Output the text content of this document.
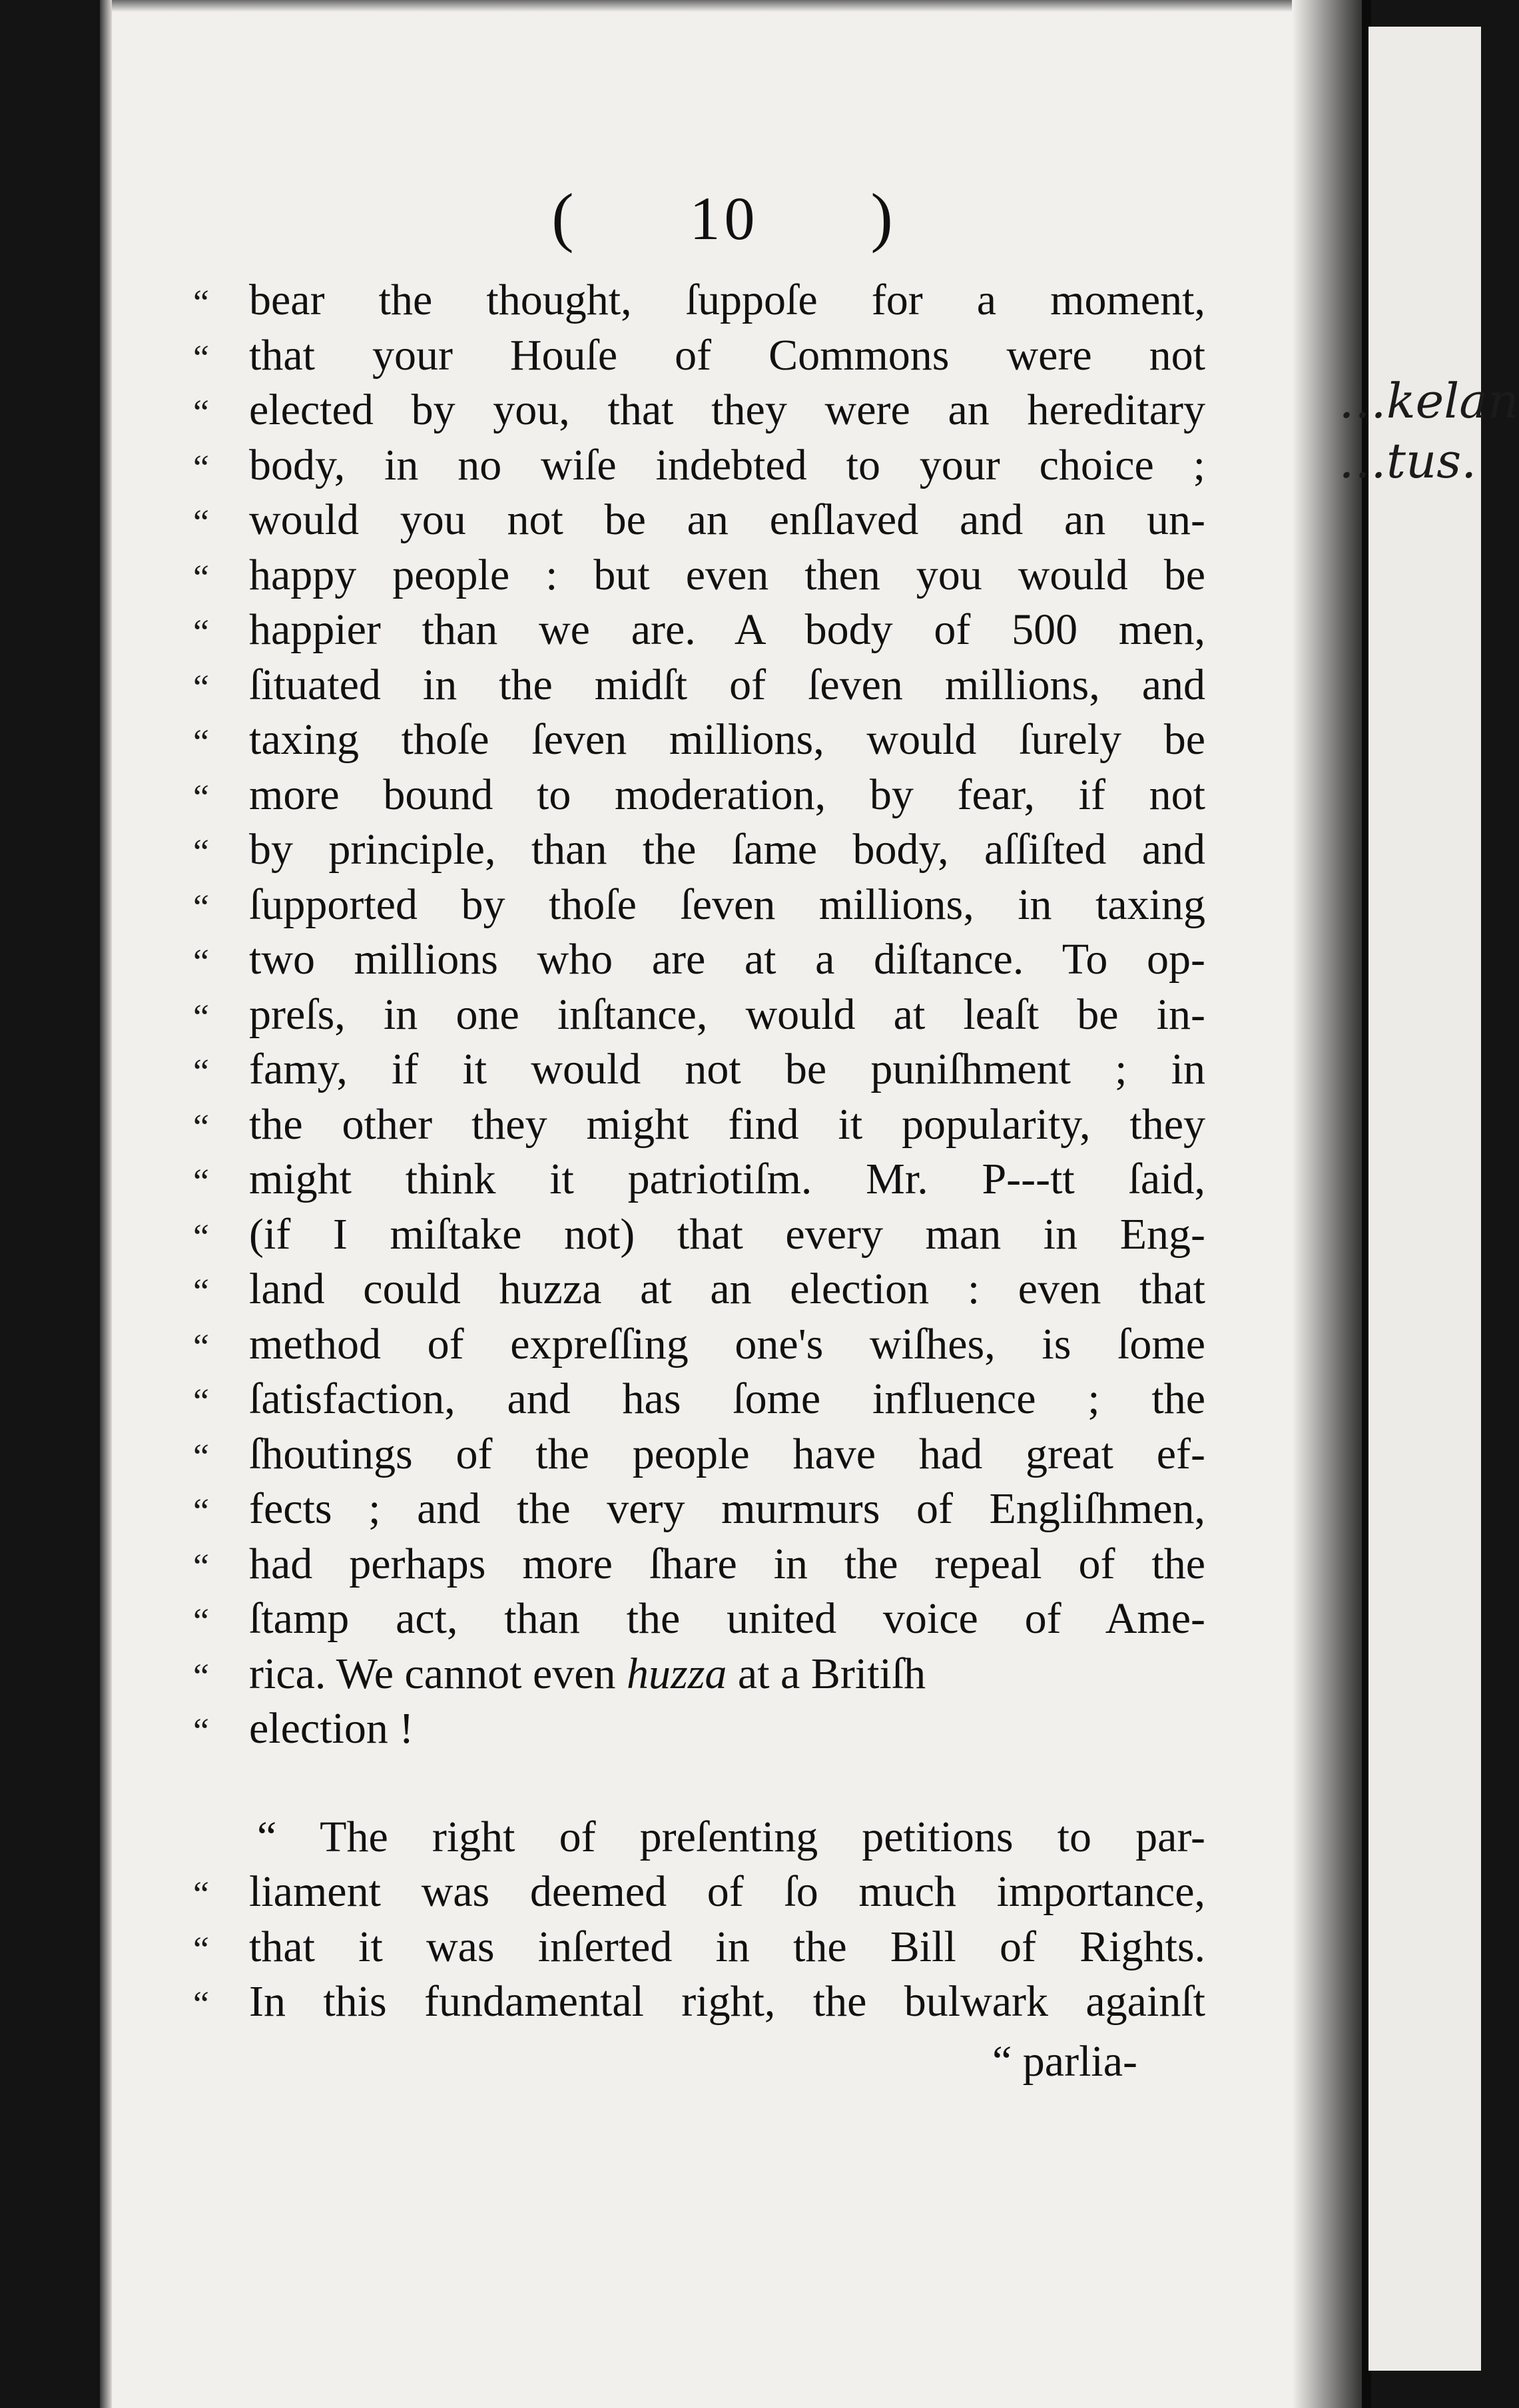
( 10 )
“ bear the thought, ſuppoſe for a moment,
“ that your Houſe of Commons were not
“ elected by you, that they were an hereditary
“ body, in no wiſe indebted to your choice ;
“ would you not be an enſlaved and an un-
“ happy people : but even then you would be
“ happier than we are. A body of 500 men,
“ ſituated in the midſt of ſeven millions, and
“ taxing thoſe ſeven millions, would ſurely be
“ more bound to moderation, by fear, if not
“ by principle, than the ſame body, aſſiſted and
“ ſupported by thoſe ſeven millions, in taxing
“ two millions who are at a diſtance. To op-
“ preſs, in one inſtance, would at leaſt be in-
“ famy, if it would not be puniſhment ; in
“ the other they might find it popularity, they
“ might think it patriotiſm. Mr. P---tt ſaid,
“ (if I miſtake not) that every man in Eng-
“ land could huzza at an election : even that
“ method of expreſſing one's wiſhes, is ſome
“ ſatisfaction, and has ſome influence ; the
“ ſhoutings of the people have had great ef-
“ fects ; and the very murmurs of Engliſhmen,
“ had perhaps more ſhare in the repeal of the
“ ſtamp act, than the united voice of Ame-
“ rica. We cannot even huzza at a Britiſh
“ election !
“ The right of preſenting petitions to par-
“ liament was deemed of ſo much importance,
“ that it was inſerted in the Bill of Rights.
“ In this fundamental right, the bulwark againſt
“ parlia-
…kelan
…tus.
